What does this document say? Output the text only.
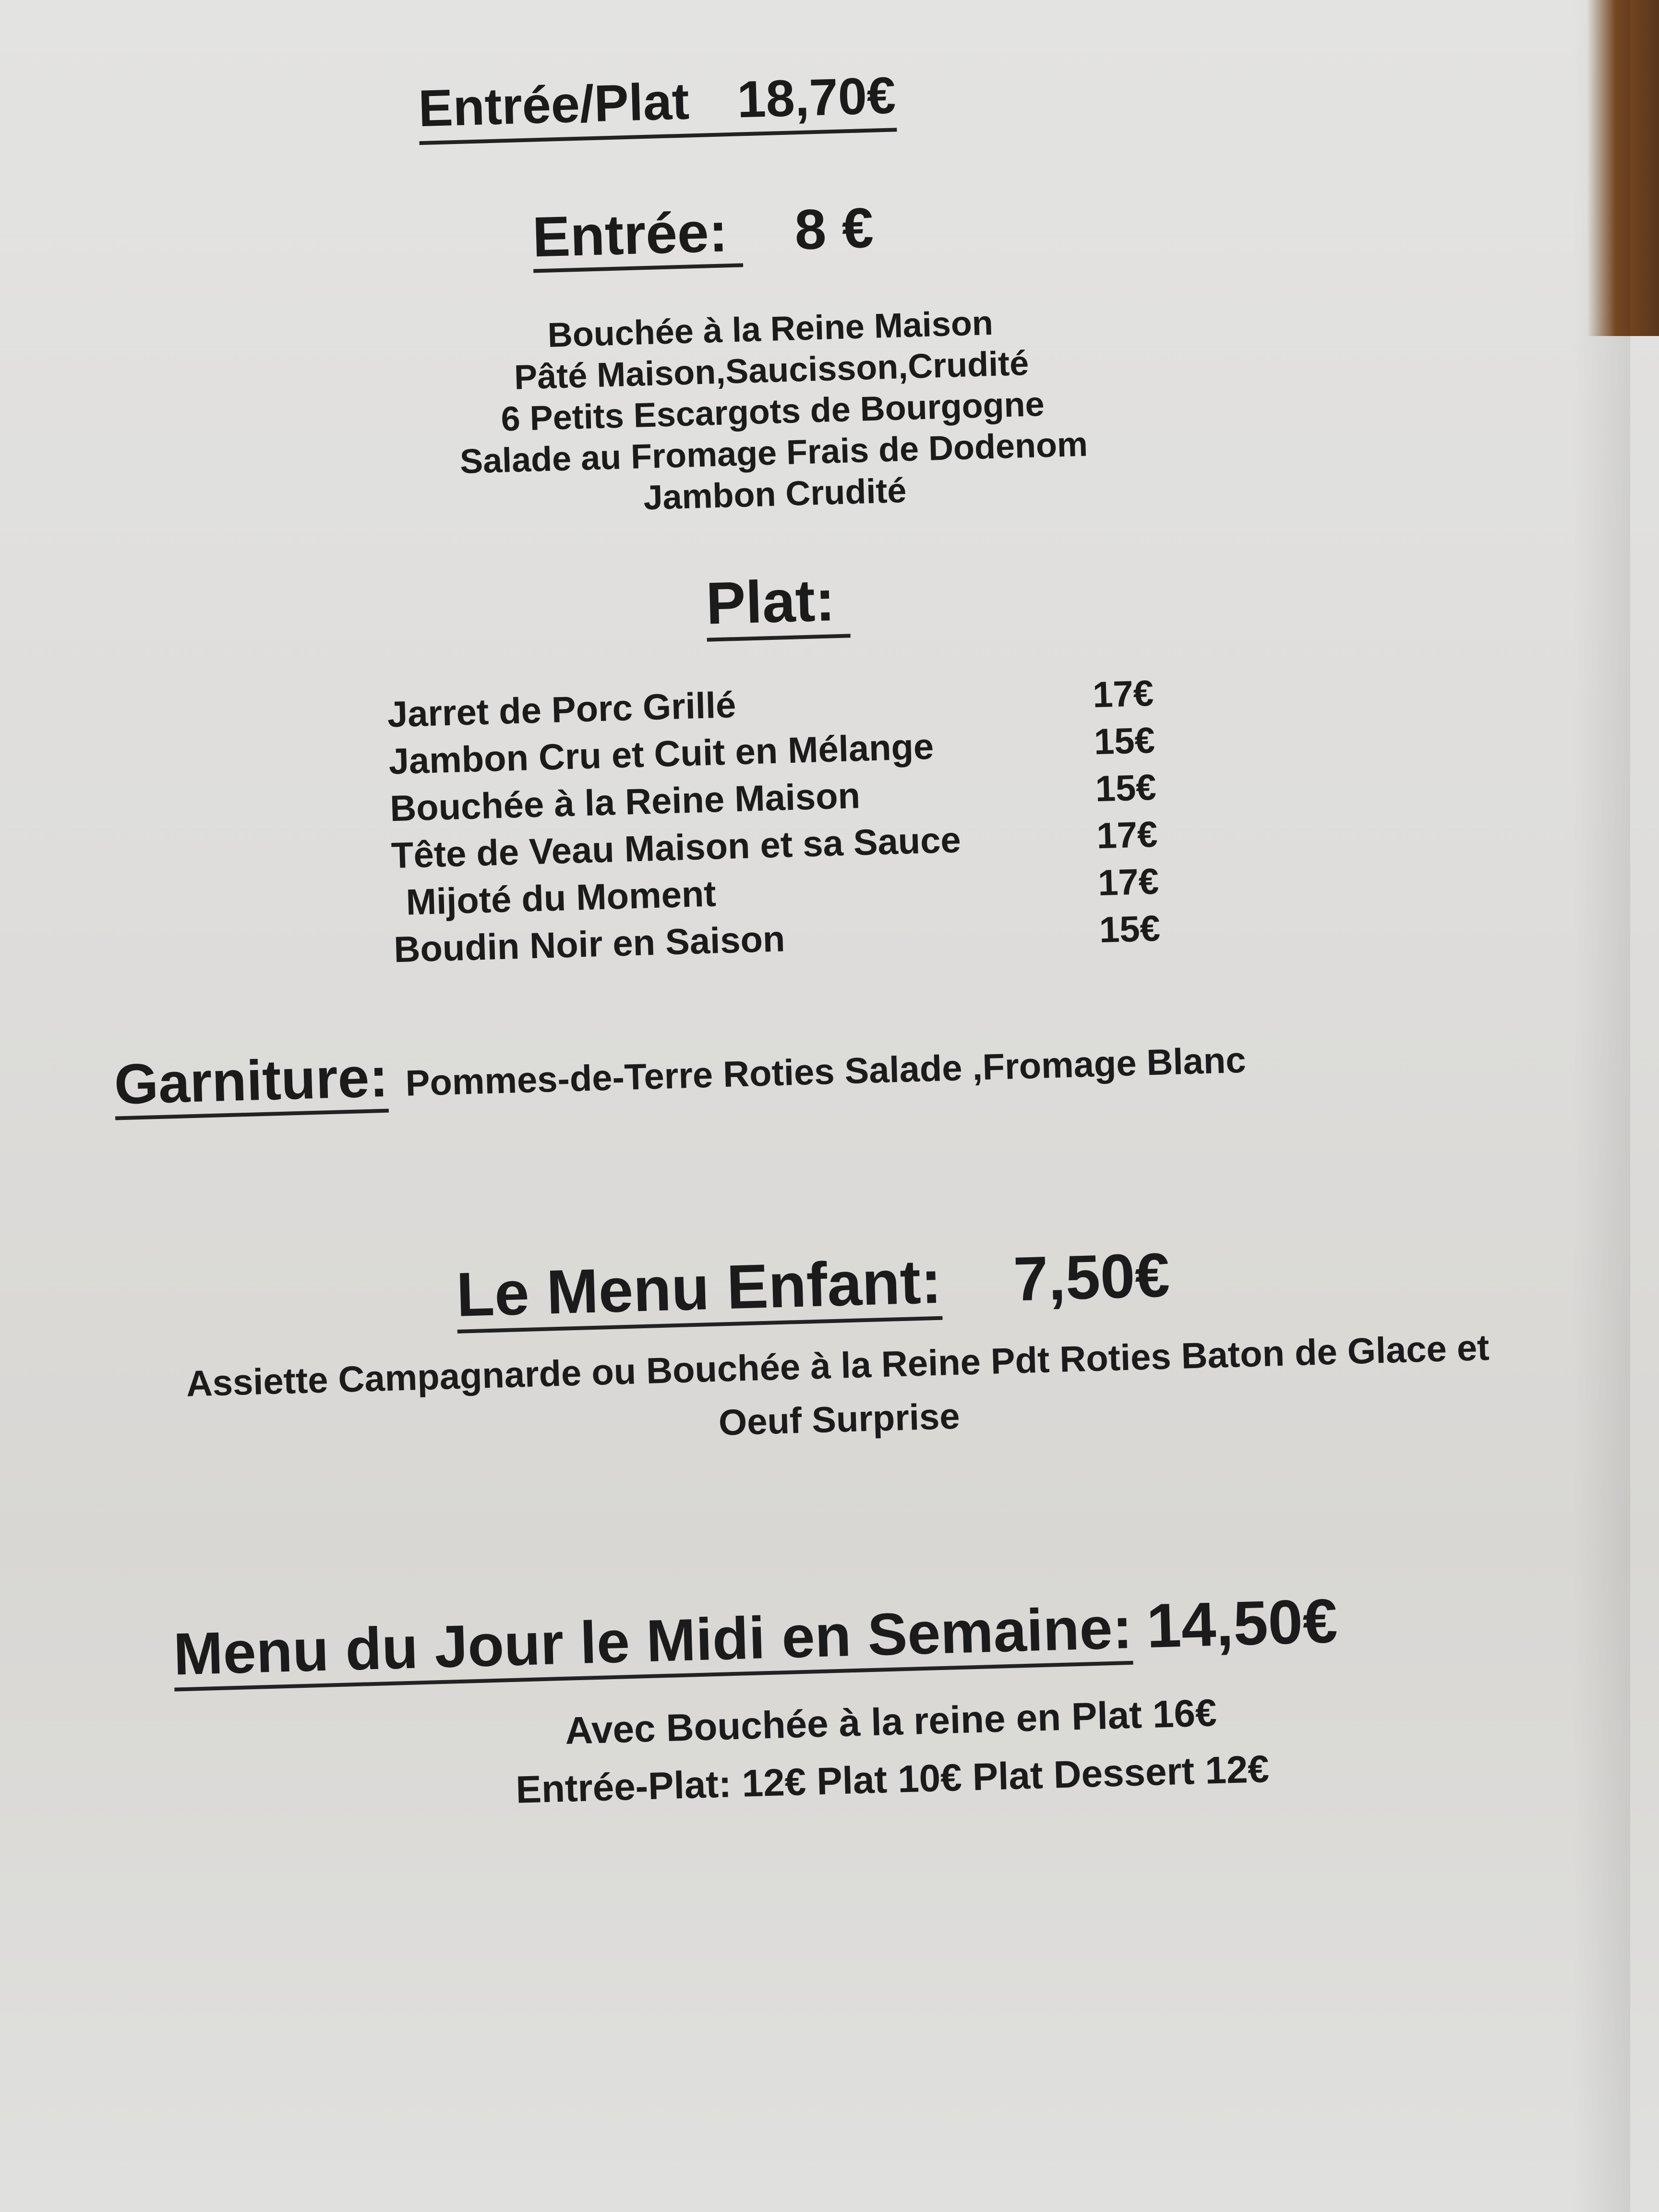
Entrée/Plat 18,70€
Entrée: 8 €
Bouchée à la Reine Maison
Pâté Maison,Saucisson,Crudité
6 Petits Escargots de Bourgogne
Salade au Fromage Frais de Dodenom
Jambon Crudité
Plat:
Jarret de Porc Grillé	17€
Jambon Cru et Cuit en Mélange	15€
Bouchée à la Reine Maison	15€
Tête de Veau Maison et sa Sauce	17€
Mijoté du Moment	17€
Boudin Noir en Saison	15€
Garniture: Pommes-de-Terre Roties Salade ,Fromage Blanc
Le Menu Enfant: 7,50€
Assiette Campagnarde ou Bouchée à la Reine Pdt Roties Baton de Glace et
Oeuf Surprise
Menu du Jour le Midi en Semaine: 14,50€
Avec Bouchée à la reine en Plat 16€
Entrée-Plat: 12€ Plat 10€ Plat Dessert 12€
